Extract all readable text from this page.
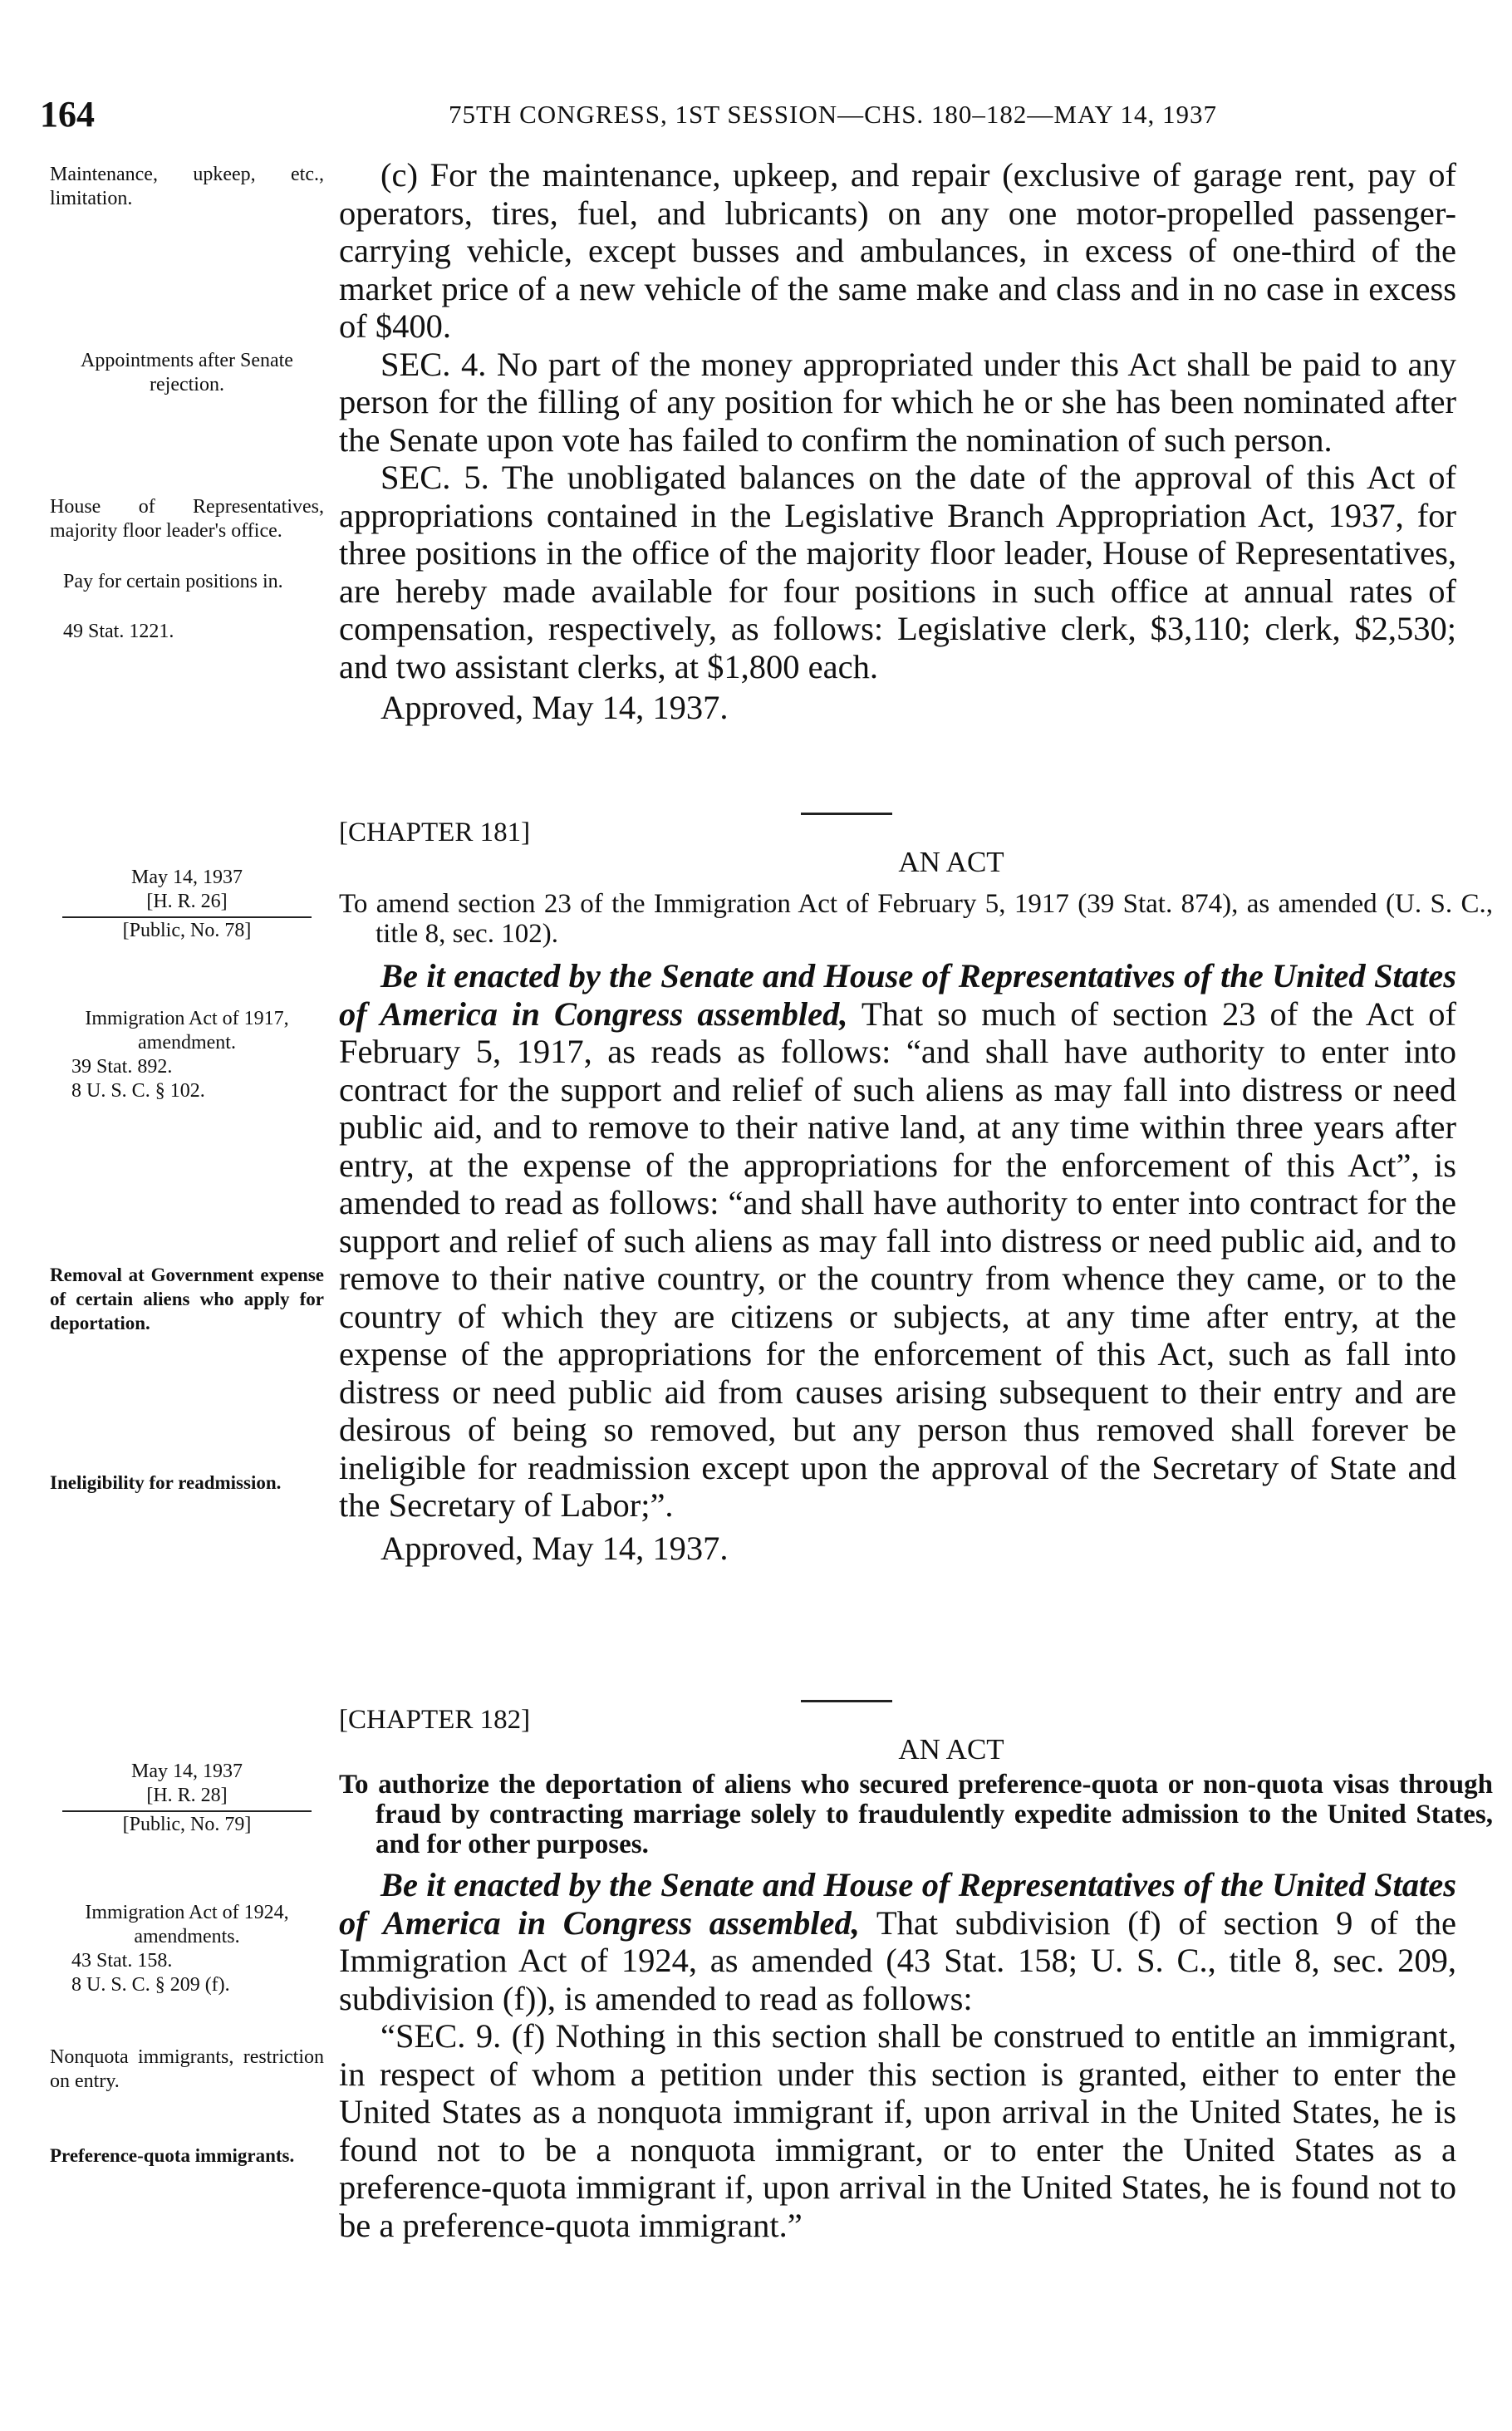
164	75TH CONGRESS, 1ST SESSION—CHS. 180–182—MAY 14, 1937
Maintenance, upkeep, etc., limitation.
Appointments after Senate rejection.
House of Representatives, majority floor leader's office.
Pay for certain positions in.
49 Stat. 1221.
May 14, 1937
[H. R. 26]
[Public, No. 78]
Immigration Act of 1917, amendment.
39 Stat. 892.
8 U. S. C. § 102.
Removal at Government expense of certain aliens who apply for deportation.
Ineligibility for readmission.
May 14, 1937
[H. R. 28]
[Public, No. 79]
Immigration Act of 1924, amendments.
43 Stat. 158.
8 U. S. C. § 209 (f).
Nonquota immigrants, restriction on entry.
Preference-quota immigrants.

(c) For the maintenance, upkeep, and repair (exclusive of garage rent, pay of operators, tires, fuel, and lubricants) on any one motor-propelled passenger-carrying vehicle, except busses and ambulances, in excess of one-third of the market price of a new vehicle of the same make and class and in no case in excess of $400.

SEC. 4. No part of the money appropriated under this Act shall be paid to any person for the filling of any position for which he or she has been nominated after the Senate upon vote has failed to confirm the nomination of such person.

SEC. 5. The unobligated balances on the date of the approval of this Act of appropriations contained in the Legislative Branch Appropriation Act, 1937, for three positions in the office of the majority floor leader, House of Representatives, are hereby made available for four positions in such office at annual rates of compensation, respectively, as follows: Legislative clerk, $3,110; clerk, $2,530; and two assistant clerks, at $1,800 each.

Approved, May 14, 1937.

[CHAPTER 181]
AN ACT
To amend section 23 of the Immigration Act of February 5, 1917 (39 Stat. 874), as amended (U. S. C., title 8, sec. 102).

Be it enacted by the Senate and House of Representatives of the United States of America in Congress assembled, That so much of section 23 of the Act of February 5, 1917, as reads as follows: “and shall have authority to enter into contract for the support and relief of such aliens as may fall into distress or need public aid, and to remove to their native land, at any time within three years after entry, at the expense of the appropriations for the enforcement of this Act”, is amended to read as follows: “and shall have authority to enter into contract for the support and relief of such aliens as may fall into distress or need public aid, and to remove to their native country, or the country from whence they came, or to the country of which they are citizens or subjects, at any time after entry, at the expense of the appropriations for the enforcement of this Act, such as fall into distress or need public aid from causes arising subsequent to their entry and are desirous of being so removed, but any person thus removed shall forever be ineligible for readmission except upon the approval of the Secretary of State and the Secretary of Labor;”.

Approved, May 14, 1937.

[CHAPTER 182]
AN ACT
To authorize the deportation of aliens who secured preference-quota or non-quota visas through fraud by contracting marriage solely to fraudulently expedite admission to the United States, and for other purposes.

Be it enacted by the Senate and House of Representatives of the United States of America in Congress assembled, That subdivision (f) of section 9 of the Immigration Act of 1924, as amended (43 Stat. 158; U. S. C., title 8, sec. 209, subdivision (f)), is amended to read as follows:

“SEC. 9. (f) Nothing in this section shall be construed to entitle an immigrant, in respect of whom a petition under this section is granted, either to enter the United States as a nonquota immigrant if, upon arrival in the United States, he is found not to be a nonquota immigrant, or to enter the United States as a preference-quota immigrant if, upon arrival in the United States, he is found not to be a preference-quota immigrant.”
